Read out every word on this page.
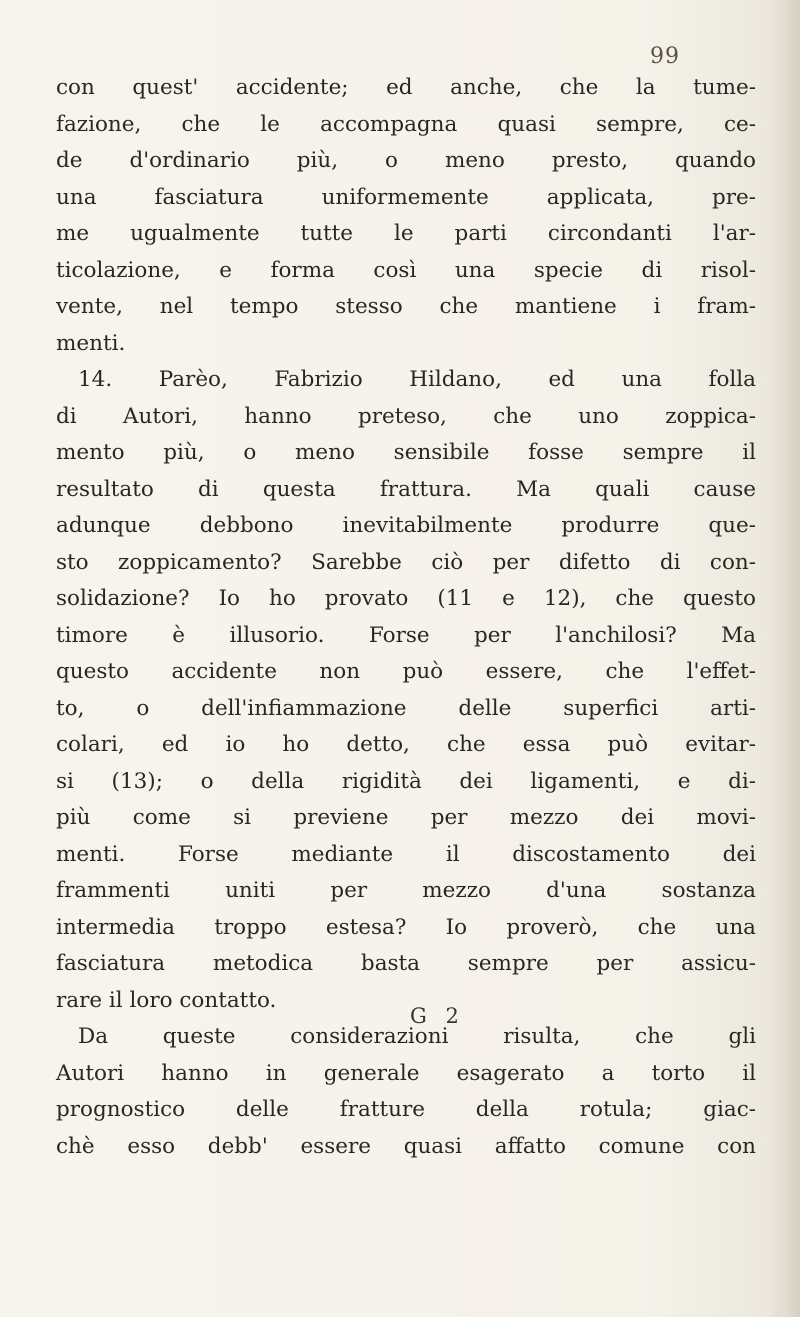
99
con quest' accidente; ed anche, che la tume-
fazione, che le accompagna quasi sempre, ce-
de d'ordinario più, o meno presto, quando
una fasciatura uniformemente applicata, pre-
me ugualmente tutte le parti circondanti l'ar-
ticolazione, e forma così una specie di risol-
vente, nel tempo stesso che mantiene i fram-
menti.
14. Parèo, Fabrizio Hildano, ed una folla
di Autori, hanno preteso, che uno zoppica-
mento più, o meno sensibile fosse sempre il
resultato di questa frattura. Ma quali cause
adunque debbono inevitabilmente produrre que-
sto zoppicamento? Sarebbe ciò per difetto di con-
solidazione? Io ho provato (11 e 12), che questo
timore è illusorio. Forse per l'anchilosi? Ma
questo accidente non può essere, che l'effet-
to, o dell'infiammazione delle superfici arti-
colari, ed io ho detto, che essa può evitar-
si (13); o della rigidità dei ligamenti, e di-
più come si previene per mezzo dei movi-
menti. Forse mediante il discostamento dei
frammenti uniti per mezzo d'una sostanza
intermedia troppo estesa? Io proverò, che una
fasciatura metodica basta sempre per assicu-
rare il loro contatto.
Da queste considerazioni risulta, che gli
Autori hanno in generale esagerato a torto il
prognostico delle fratture della rotula; giac-
chè esso debb' essere quasi affatto comune con
G 2
